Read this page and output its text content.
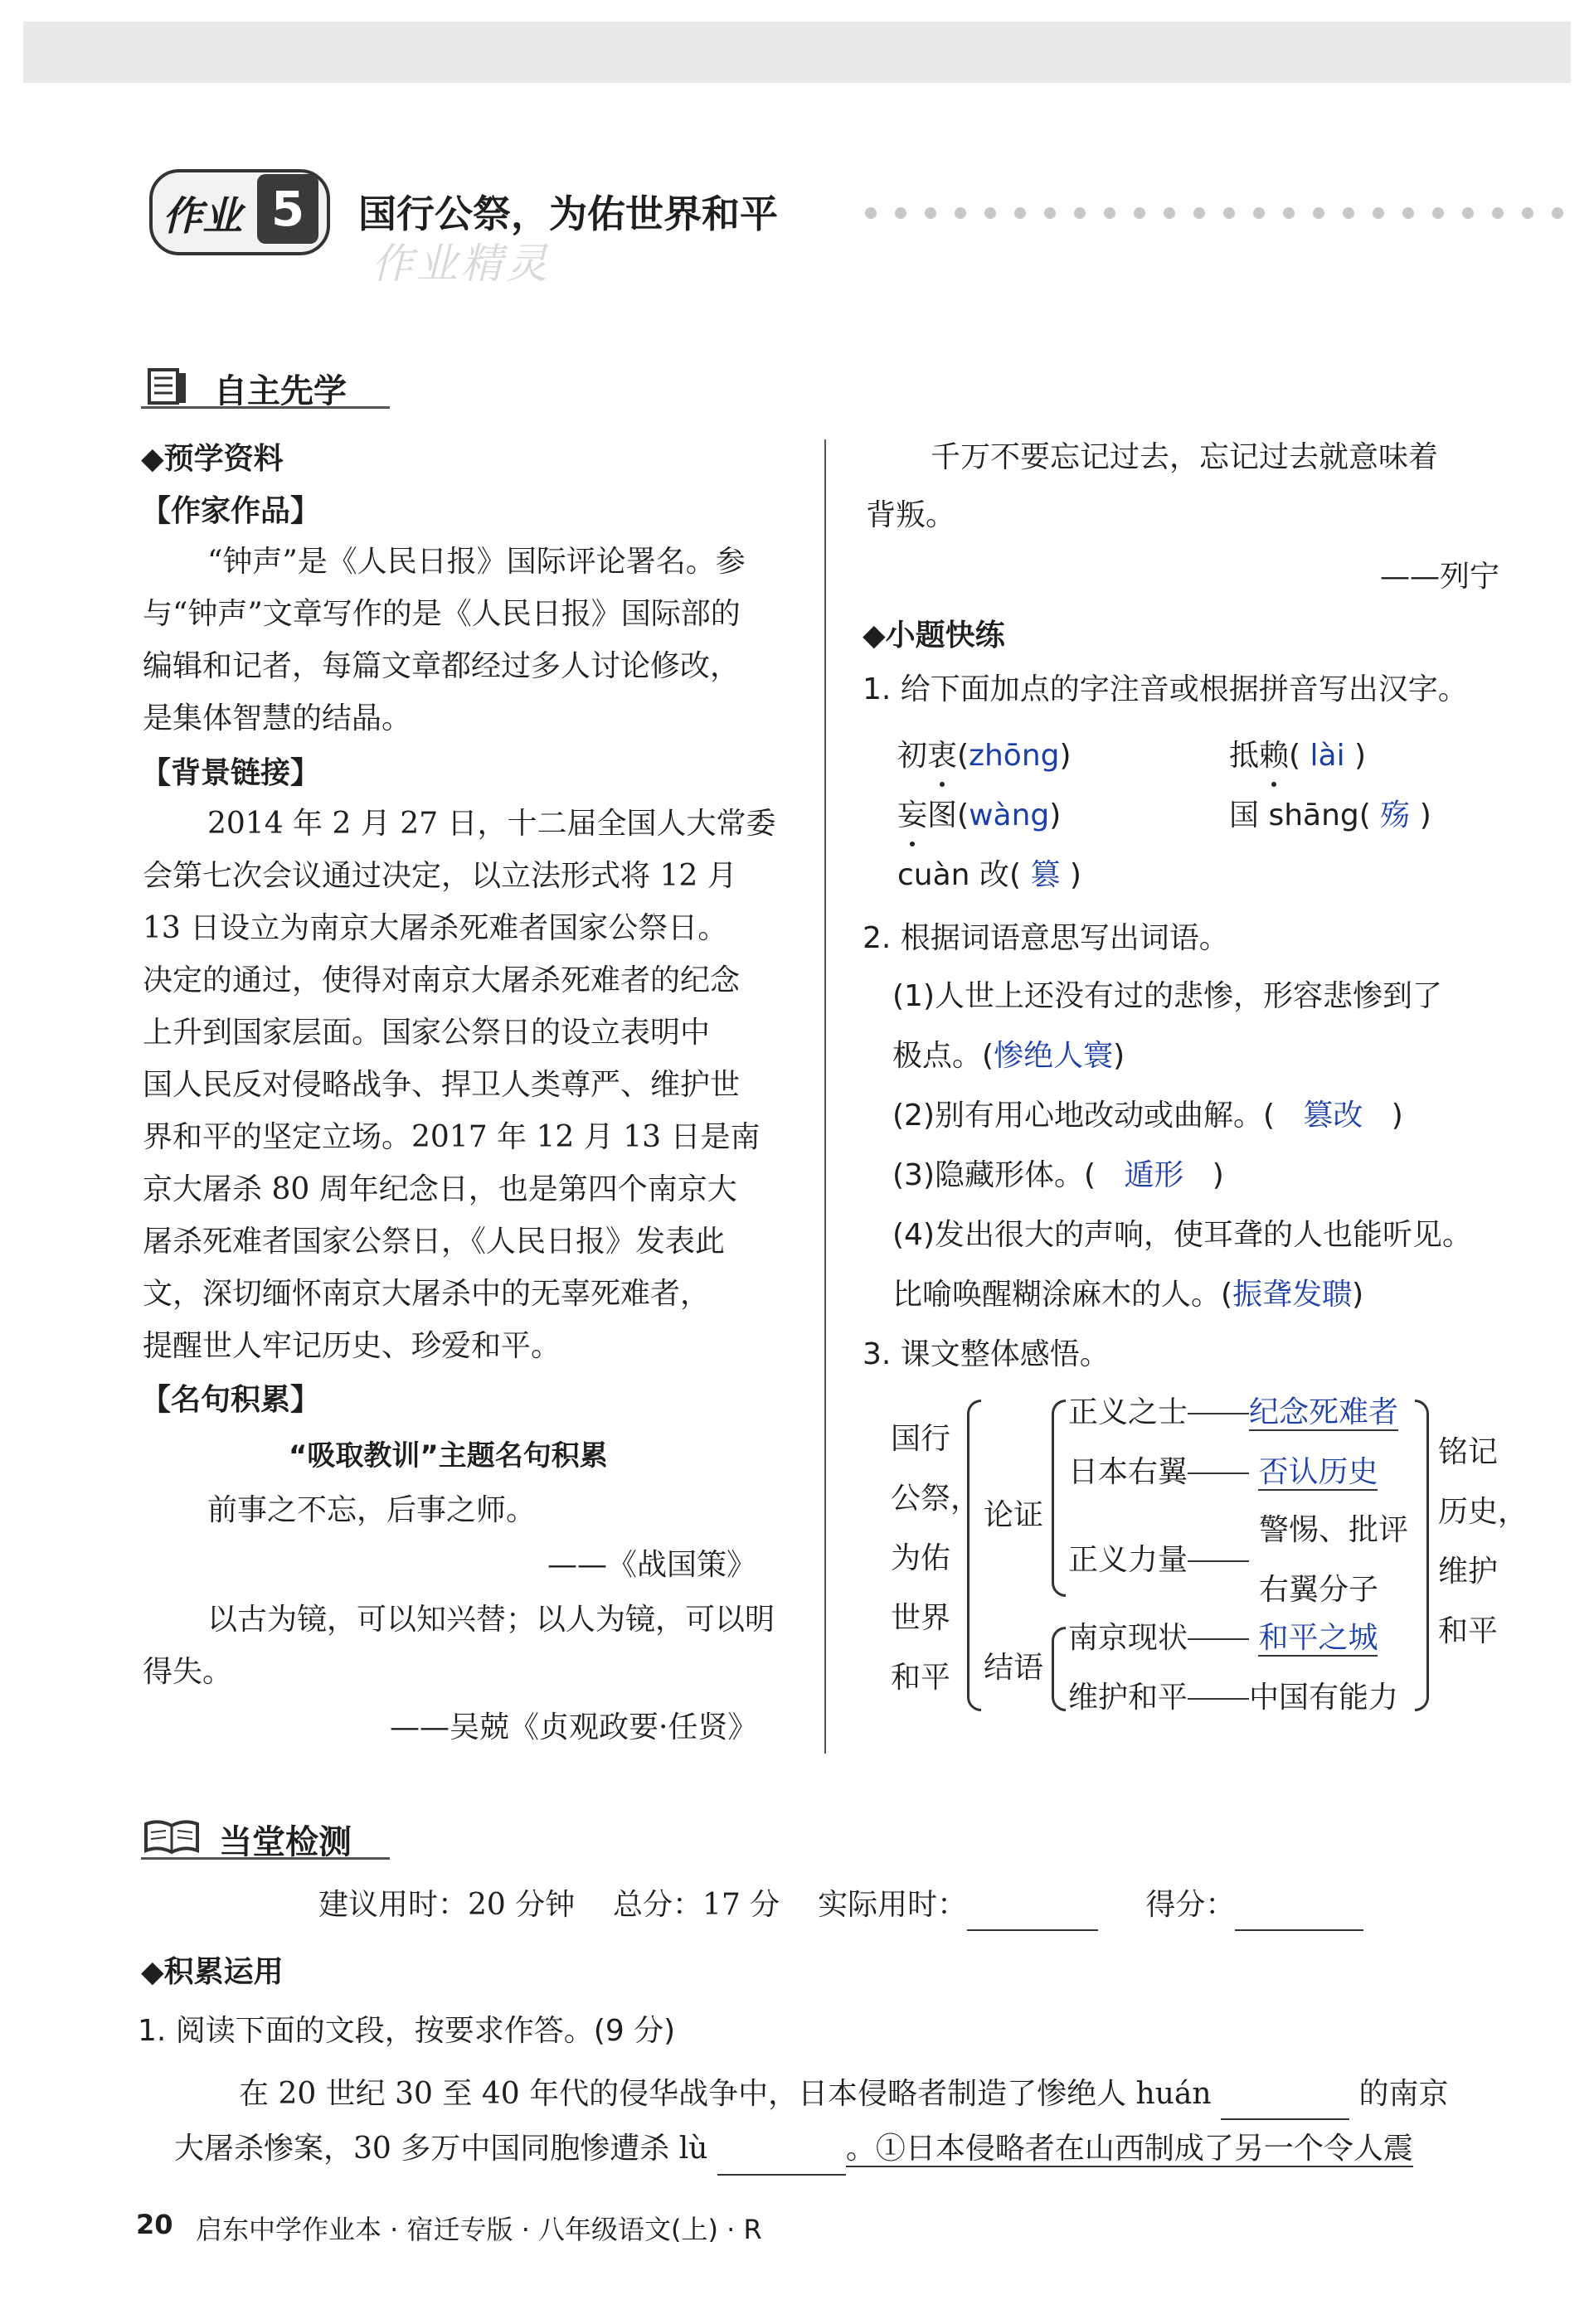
作业 5	国行公祭，为佑世界和平
作业精灵
自主先学
◆预学资料
【作家作品】
“钟声”是《人民日报》国际评论署名。参
与“钟声”文章写作的是《人民日报》国际部的
编辑和记者，每篇文章都经过多人讨论修改，
是集体智慧的结晶。
【背景链接】
2014 年 2 月 27 日，十二届全国人大常委
会第七次会议通过决定，以立法形式将 12 月
13 日设立为南京大屠杀死难者国家公祭日。
决定的通过，使得对南京大屠杀死难者的纪念
上升到国家层面。国家公祭日的设立表明中
国人民反对侵略战争、捍卫人类尊严、维护世
界和平的坚定立场。2017 年 12 月 13 日是南
京大屠杀 80 周年纪念日，也是第四个南京大
屠杀死难者国家公祭日，《人民日报》发表此
文，深切缅怀南京大屠杀中的无辜死难者，
提醒世人牢记历史、珍爱和平。
【名句积累】
“吸取教训”主题名句积累
前事之不忘，后事之师。
——《战国策》
以古为镜，可以知兴替；以人为镜，可以明
得失。
——吴兢《贞观政要·任贤》
千万不要忘记过去，忘记过去就意味着
背叛。
——列宁
◆小题快练
1. 给下面加点的字注音或根据拼音写出汉字。
初衷(zhōng)	抵赖( lài )
妄图(wàng)	国 shāng( 殇 )
cuàn 改( 篡 )
2. 根据词语意思写出词语。
(1)人世上还没有过的悲惨，形容悲惨到了
极点。(惨绝人寰)
(2)别有用心地改动或曲解。(   篡改   )
(3)隐藏形体。(   遁形   )
(4)发出很大的声响，使耳聋的人也能听见。
比喻唤醒糊涂麻木的人。(振聋发聩)
3. 课文整体感悟。
国行
公祭，
为佑
世界
和平
论证
结语
正义之士 纪念死难者
日本右翼 否认历史
正义力量
警惕、批评
右翼分子
南京现状 和平之城
维护和平 中国有能力
铭记
历史，
维护
和平
当堂检测
建议用时：20 分钟 总分：17 分 实际用时：	得分：
◆积累运用
1. 阅读下面的文段，按要求作答。(9 分)
在 20 世纪 30 至 40 年代的侵华战争中，日本侵略者制造了惨绝人 huán	的南京
大屠杀惨案，30 多万中国同胞惨遭杀 lù	。①日本侵略者在山西制成了另一个令人震
20 启东中学作业本 · 宿迁专版 · 八年级语文(上) · R
